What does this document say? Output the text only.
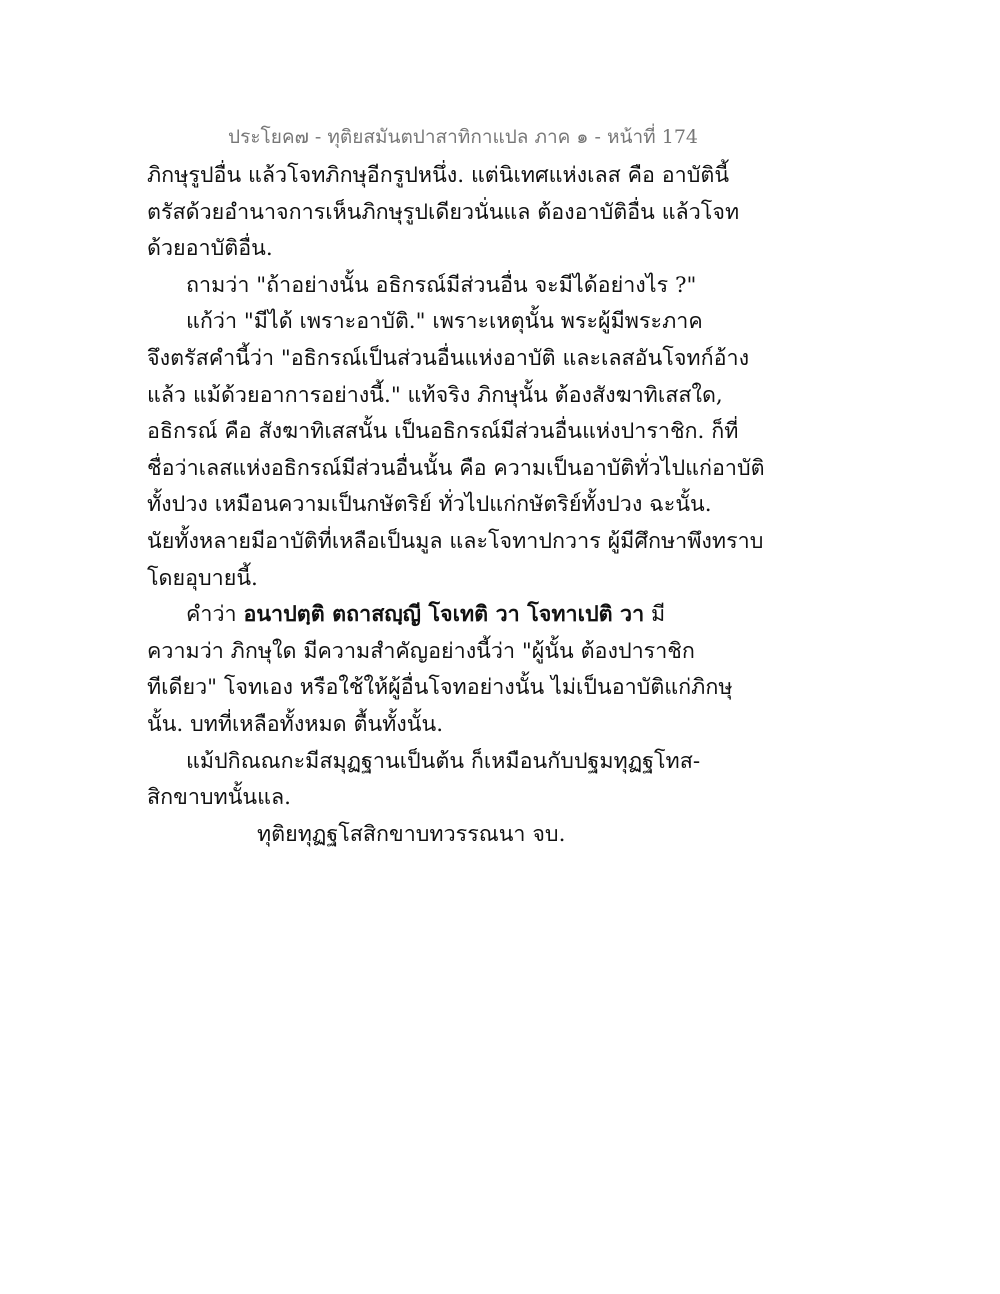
ประโยค๗ - ทุติยสมันตปาสาทิกาแปล ภาค ๑ - หน้าที่ 174
ภิกษุรูปอื่น แล้วโจทภิกษุอีกรูปหนึ่ง. แต่นิเทศแห่งเลส คือ อาบัตินี้
ตรัสด้วยอำนาจการเห็นภิกษุรูปเดียวนั่นแล ต้องอาบัติอื่น แล้วโจท
ด้วยอาบัติอื่น.
ถามว่า "ถ้าอย่างนั้น อธิกรณ์มีส่วนอื่น จะมีได้อย่างไร ?"
แก้ว่า "มีได้ เพราะอาบัติ." เพราะเหตุนั้น พระผู้มีพระภาค
จึงตรัสคำนี้ว่า "อธิกรณ์เป็นส่วนอื่นแห่งอาบัติ และเลสอันโจทก์อ้าง
แล้ว แม้ด้วยอาการอย่างนี้." แท้จริง ภิกษุนั้น ต้องสังฆาทิเสสใด,
อธิกรณ์ คือ สังฆาทิเสสนั้น เป็นอธิกรณ์มีส่วนอื่นแห่งปาราชิก. ก็ที่
ชื่อว่าเลสแห่งอธิกรณ์มีส่วนอื่นนั้น คือ ความเป็นอาบัติทั่วไปแก่อาบัติ
ทั้งปวง เหมือนความเป็นกษัตริย์ ทั่วไปแก่กษัตริย์ทั้งปวง ฉะนั้น.
นัยทั้งหลายมีอาบัติที่เหลือเป็นมูล และโจทาปกวาร ผู้มีศึกษาพึงทราบ
โดยอุบายนี้.
คำว่า อนาปตฺติ ตถาสญฺญี โจเทติ วา โจทาเปติ วา มี
ความว่า ภิกษุใด มีความสำคัญอย่างนี้ว่า "ผู้นั้น ต้องปาราชิก
ทีเดียว" โจทเอง หรือใช้ให้ผู้อื่นโจทอย่างนั้น ไม่เป็นอาบัติแก่ภิกษุ
นั้น. บทที่เหลือทั้งหมด ตื้นทั้งนั้น.
แม้ปกิณณกะมีสมุฏฐานเป็นต้น ก็เหมือนกับปฐมทุฏฐโทส-
สิกขาบทนั้นแล.
ทุติยทุฏฐโสสิกขาบทวรรณนา จบ.
